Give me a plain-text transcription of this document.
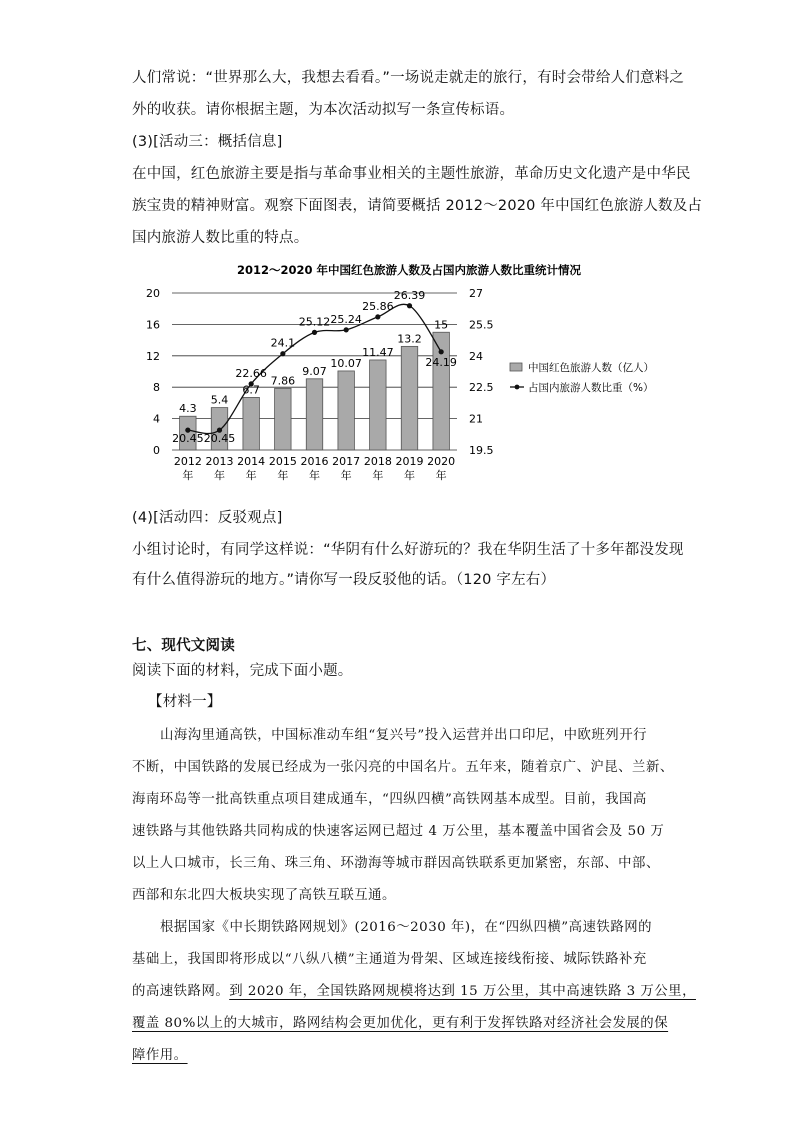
人们常说：“世界那么大，我想去看看。”一场说走就走的旅行，有时会带给人们意料之
外的收获。请你根据主题，为本次活动拟写一条宣传标语。
(3)[活动三：概括信息]
在中国，红色旅游主要是指与革命事业相关的主题性旅游，革命历史文化遗产是中华民
族宝贵的精神财富。观察下面图表，请简要概括 2012～2020 年中国红色旅游人数及占
国内旅游人数比重的特点。
2012～2020 年中国红色旅游人数及占国内旅游人数比重统计情况
4.3
5.4
6.7
7.86
9.07
10.07
11.47
13.2
15
20.45 20.45
22.66
24.1
25.12 25.24
25.86
26.39
24.19
0
4
8
12
16
20
19.5
21
22.5
24
25.5
27
2012
年
2013
年
2014
年
2015
年
2016
年
2017
年
2018
年
2019
年
2020
年
中国红色旅游人数（亿人）
占国内旅游人数比重（%）
(4)[活动四：反驳观点]
小组讨论时，有同学这样说：“华阴有什么好游玩的？我在华阴生活了十多年都没发现
有什么值得游玩的地方。”请你写一段反驳他的话。（120 字左右）
七、现代文阅读
阅读下面的材料，完成下面小题。
【材料一】
山海沟里通高铁，中国标准动车组“复兴号”投入运营并出口印尼，中欧班列开行
不断，中国铁路的发展已经成为一张闪亮的中国名片。五年来，随着京广、沪昆、兰新、
海南环岛等一批高铁重点项目建成通车，“四纵四横”高铁网基本成型。目前，我国高
速铁路与其他铁路共同构成的快速客运网已超过 4 万公里，基本覆盖中国省会及 50 万
以上人口城市，长三角、珠三角、环渤海等城市群因高铁联系更加紧密，东部、中部、
西部和东北四大板块实现了高铁互联互通。
根据国家《中长期铁路网规划》(2016～2030 年)，在“四纵四横”高速铁路网的
基础上，我国即将形成以“八纵八横”主通道为骨架、区域连接线衔接、城际铁路补充
的高速铁路网。到 2020 年，全国铁路网规模将达到 15 万公里，其中高速铁路 3 万公里，
覆盖 80%以上的大城市，路网结构会更加优化，更有利于发挥铁路对经济社会发展的保
障作用。
